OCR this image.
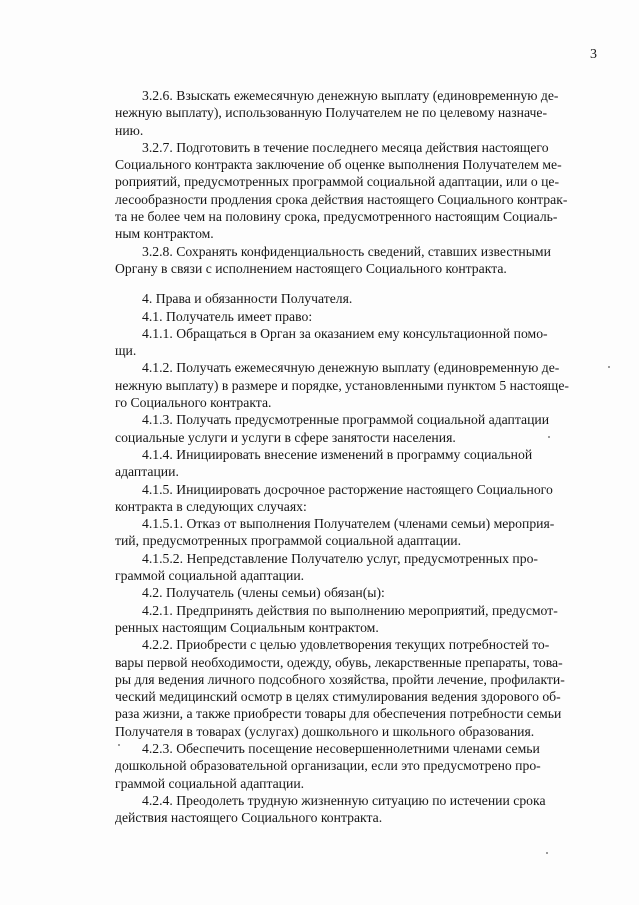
3

3.2.6. Взыскать ежемесячную денежную выплату (единовременную де-
нежную выплату), использованную Получателем не по целевому назначе-
нию.

3.2.7. Подготовить в течение последнего месяца действия настоящего
Социального контракта заключение об оценке выполнения Получателем ме-
роприятий, предусмотренных программой социальной адаптации, или о це-
лесообразности продления срока действия настоящего Социального контрак-
та не более чем на половину срока, предусмотренного настоящим Социаль-
ным контрактом.

3.2.8. Сохранять конфиденциальность сведений, ставших известными
Органу в связи с исполнением настоящего Социального контракта.

4. Права и обязанности Получателя.

4.1. Получатель имеет право:

4.1.1. Обращаться в Орган за оказанием ему консультационной помо-
щи.

4.1.2. Получать ежемесячную денежную выплату (единовременную де-
нежную выплату) в размере и порядке, установленными пунктом 5 настояще-
го Социального контракта.

4.1.3. Получать предусмотренные программой социальной адаптации
социальные услуги и услуги в сфере занятости населения.

4.1.4. Инициировать внесение изменений в программу социальной
адаптации.

4.1.5. Инициировать досрочное расторжение настоящего Социального
контракта в следующих случаях:

4.1.5.1. Отказ от выполнения Получателем (членами семьи) мероприя-
тий, предусмотренных программой социальной адаптации.

4.1.5.2. Непредставление Получателю услуг, предусмотренных про-
граммой социальной адаптации.

4.2. Получатель (члены семьи) обязан(ы):

4.2.1. Предпринять действия по выполнению мероприятий, предусмот-
ренных настоящим Социальным контрактом.

4.2.2. Приобрести с целью удовлетворения текущих потребностей то-
вары первой необходимости, одежду, обувь, лекарственные препараты, това-
ры для ведения личного подсобного хозяйства, пройти лечение, профилакти-
ческий медицинский осмотр в целях стимулирования ведения здорового об-
раза жизни, а также приобрести товары для обеспечения потребности семьи
Получателя в товарах (услугах) дошкольного и школьного образования.

4.2.3. Обеспечить посещение несовершеннолетними членами семьи
дошкольной образовательной организации, если это предусмотрено про-
граммой социальной адаптации.

4.2.4. Преодолеть трудную жизненную ситуацию по истечении срока
действия настоящего Социального контракта.
